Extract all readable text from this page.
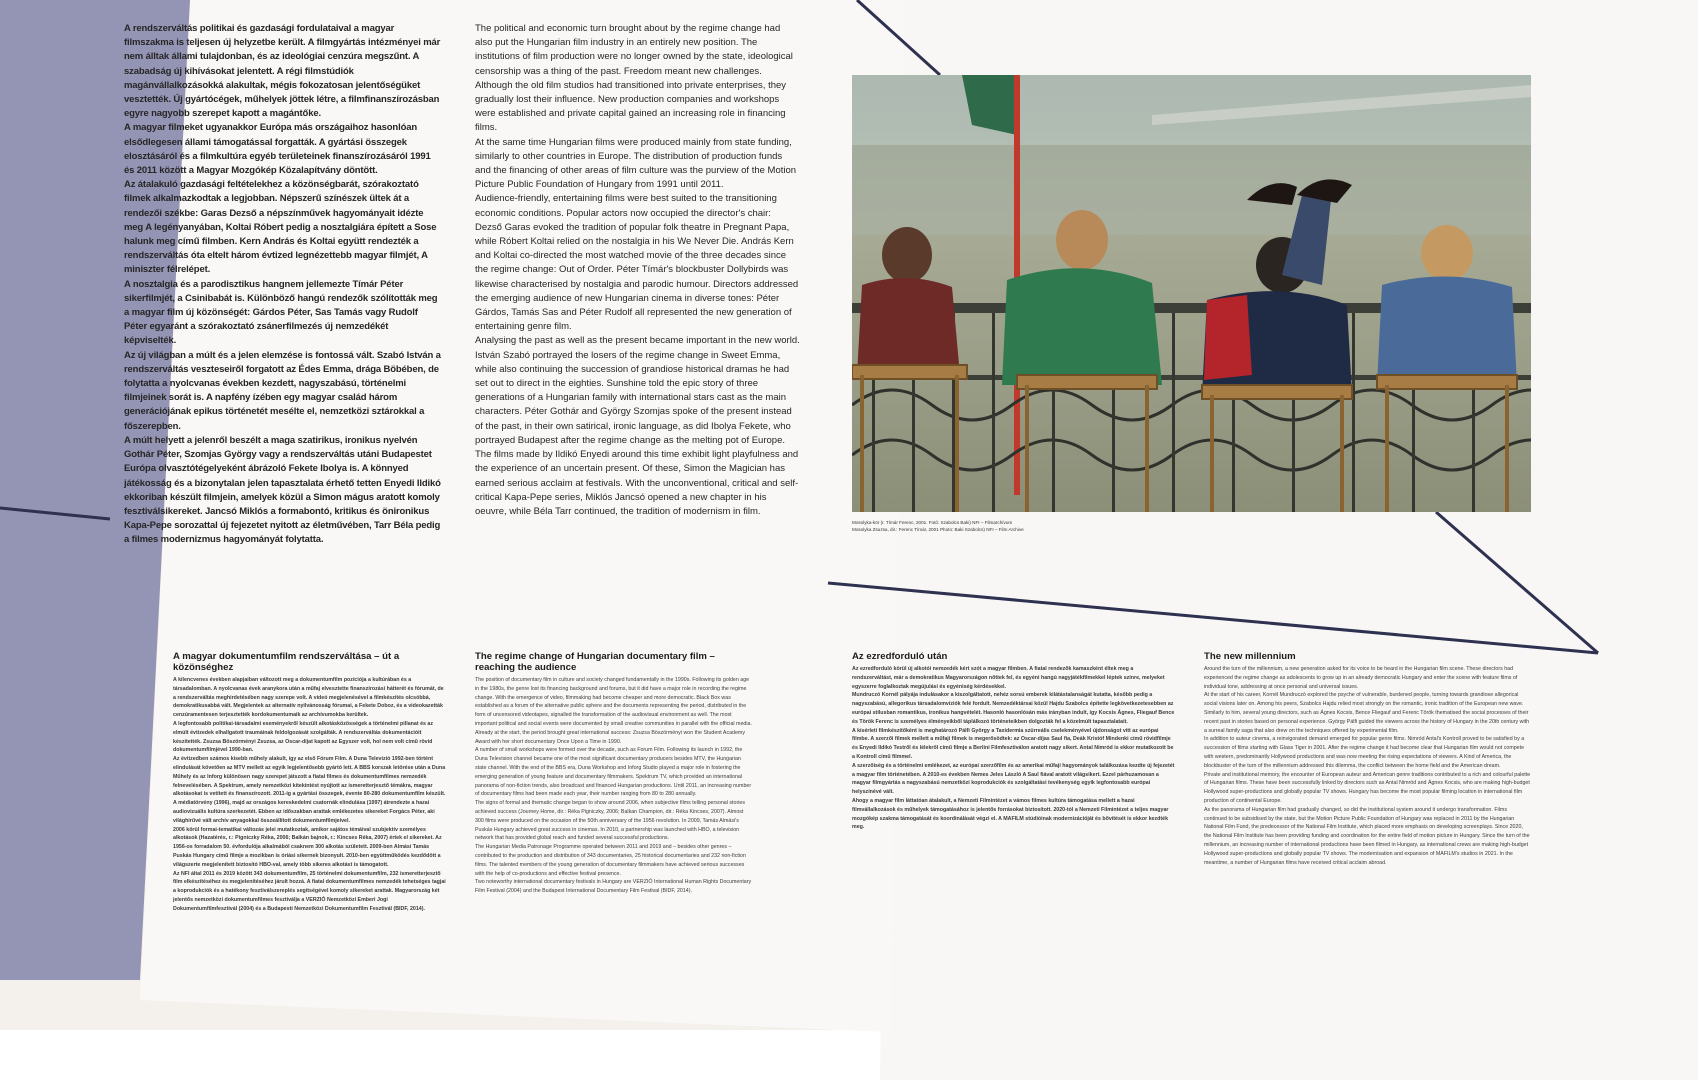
A rendszerváltás politikai és gazdasági fordulataival a magyar filmszakma is teljesen új helyzetbe került. A filmgyártás intézményei már nem álltak állami tulajdonban, és az ideológiai cenzúra megszűnt. A szabadság új kihívásokat jelentett. A régi filmstúdiók magánvállalkozásokká alakultak, mégis fokozatosan jelentőségüket vesztették. Új gyártócégek, műhelyek jöttek létre, a filmfinanszírozásban egyre nagyobb szerepet kapott a magántőke.

A magyar filmeket ugyanakkor Európa más országaihoz hasonlóan elsődlegesen állami támogatással forgatták. A gyártási összegek elosztásáról és a filmkultúra egyéb területeinek finanszírozásáról 1991 és 2011 között a Magyar Mozgókép Közalapítvány döntött.

Az átalakuló gazdasági feltételekhez a közönségbarát, szórakoztató filmek alkalmazkodtak a legjobban. Népszerű színészek ültek át a rendezői székbe: Garas Dezső a népszínművek hagyományait idézte meg A legényanyában, Koltai Róbert pedig a nosztalgiára épített a Sose halunk meg című filmben. Kern András és Koltai együtt rendezték a rendszerváltás óta eltelt három évtized legnézettebb magyar filmjét, A miniszter félrelépet.

A nosztalgia és a parodisztikus hangnem jellemezte Tímár Péter sikerfilmjét, a Csinibabát is. Különböző hangú rendezők szólították meg a magyar film új közönségét: Gárdos Péter, Sas Tamás vagy Rudolf Péter egyaránt a szórakoztató zsánerfilmezés új nemzedékét képviselték.

Az új világban a múlt és a jelen elemzése is fontossá vált. Szabó István a rendszerváltás veszteseiről forgatott az Édes Emma, drága Böbében, de folytatta a nyolcvanas években kezdett, nagyszabású, történelmi filmjeinek sorát is. A napfény ízében egy magyar család három generációjának epikus történetét mesélte el, nemzetközi sztárokkal a főszerepben.

A múlt helyett a jelenről beszélt a maga szatirikus, ironikus nyelvén Gothár Péter, Szomjas György vagy a rendszerváltás utáni Budapestet Európa olvasztótégelyeként ábrázoló Fekete Ibolya is. A könnyed játékosság és a bizonytalan jelen tapasztalata érhető tetten Enyedi Ildikó ekkoriban készült filmjein, amelyek közül a Simon mágus aratott komoly fesztiválsikereket. Jancsó Miklós a formabontó, kritikus és önironikus Kapa-Pepe sorozattal új fejezetet nyitott az életművében, Tarr Béla pedig a filmes modernizmus hagyományát folytatta.

The political and economic turn brought about by the regime change had also put the Hungarian film industry in an entirely new position. The institutions of film production were no longer owned by the state, ideological censorship was a thing of the past. Freedom meant new challenges. Although the old film studios had transitioned into private enterprises, they gradually lost their influence. New production companies and workshops were established and private capital gained an increasing role in financing films.

At the same time Hungarian films were produced mainly from state funding, similarly to other countries in Europe. The distribution of production funds and the financing of other areas of film culture was the purview of the Motion Picture Public Foundation of Hungary from 1991 until 2011.

Audience-friendly, entertaining films were best suited to the transitioning economic conditions. Popular actors now occupied the director's chair: Dezső Garas evoked the tradition of popular folk theatre in Pregnant Papa, while Róbert Koltai relied on the nostalgia in his We Never Die. András Kern and Koltai co-directed the most watched movie of the three decades since the regime change: Out of Order. Péter Tímár's blockbuster Dollybirds was likewise characterised by nostalgia and parodic humour. Directors addressed the emerging audience of new Hungarian cinema in diverse tones: Péter Gárdos, Tamás Sas and Péter Rudolf all represented the new generation of entertaining genre film.

Analysing the past as well as the present became important in the new world. István Szabó portrayed the losers of the regime change in Sweet Emma, while also continuing the succession of grandiose historical dramas he had set out to direct in the eighties. Sunshine told the epic story of three generations of a Hungarian family with international stars cast as the main characters. Péter Gothár and György Szomjas spoke of the present instead of the past, in their own satirical, ironic language, as did Ibolya Fekete, who portrayed Budapest after the regime change as the melting pot of Europe. The films made by Ildikó Enyedi around this time exhibit light playfulness and the experience of an uncertain present. Of these, Simon the Magician has earned serious acclaim at festivals. With the unconventional, critical and self-critical Kapa-Pepe series, Miklós Jancsó opened a new chapter in his oeuvre, while Béla Tarr continued, the tradition of modernism in film.

Mosolyka-kör (r. Tímár Ferenc, 2001. Fotó: Szabolcs Baki) NFI – Filmarchívum

Mosolyka Zsuzsa, dir.: Ferenc Tímár, 2001 Photo: Baki Szabolcs) NFI – Film Archive

A magyar dokumentumfilm rendszerváltása – út a közönséghez

A kilencvenes években alapjaiban változott meg a dokumentumfilm pozíciója a kultúrában és a társadalomban. A nyolcvanas évek aranykora után a műfaj elvesztette finanszírozási hátterét és fórumát, de a rendszerváltás meghirdetésében nagy szerepe volt. A videó megjelenésével a filmkészítés olcsóbbá, demokratikusabbá vált. Megjelentek az alternatív nyilvánosság fórumai, a Fekete Doboz, és a videokazetták cenzúramentesen terjesztették kordokumentumaik az archívumokba kerültek.

A legfontosabb politikai-társadalmi eseményekről készült alkotásközösségek a történelmi pillanat és az elmúlt évtizedek elhallgatott traumáinak feldolgozását szolgálták. A rendszerváltás dokumentációit készítették. Zsuzsa Böszörményi Zsuzsa, az Oscar-díjat kapott az Egyszer volt, hol nem volt című rövid dokumentumfilmjével 1990-ban.

Az évtizedben számos kisebb műhely alakult, így az első Fórum Film. A Duna Televízió 1992-ben történt elindulását követően az MTV mellett az egyik legjelentősebb gyártó lett. A BBS korszak letörése után a Duna Műhely és az Inforg különösen nagy szerepet játszott a fiatal filmes és dokumentumfilmes nemzedék felnevelésében. A Spektrum, amely nemzetközi kitekintést nyújtott az ismeretterjesztő témákra, magyar alkotásokat is vetített és finanszírozott. 2011-ig a gyártási összegek, évente 80-280 dokumentumfilm készült.

A médiatörvény (1996), majd az országos kereskedelmi csatornák elindulása (1997) átrendezte a hazai audiovizuális kultúra szerkezetét. Ebben az időszakban arattak emlékezetes sikereket Forgács Péter, aki világhírűvé vált archív anyagokkal összeállított dokumentumfilmjeivel.

2006 körül formai-tematikai változás jelei mutatkoztak, amikor sajátos témáival szubjektív személyes alkotások (Hazatérés, r.: Pigniczky Réka, 2006; Balkán bajnok, r.: Kincses Réka, 2007) értek el sikereket. Az 1956-os forradalom 50. évfordulója alkalmából csaknem 300 alkotás született. 2009-ben Almási Tamás Puskás Hungary című filmje a mozikban is óriási sikernek bizonyult. 2010-ben együttműködés kezdődött a világszerte megjelenített biztosító HBO-val, amely több sikeres alkotást is támogatott.

Az NFI által 2011 és 2019 között 343 dokumentumfilm, 25 történelmi dokumentumfilm, 232 ismeretterjesztő film elkészítéséhez és megjelenítéséhez járult hozzá. A fiatal dokumentumfilmes nemzedék tehetséges tagjai a koprodukciók és a hatékony fesztiválszereplés segítségével komoly sikereket arattak. Magyarország két jelentős nemzetközi dokumentumfilmes fesztiválja a VERZIÓ Nemzetközi Emberi Jogi Dokumentumfilmfesztivál (2004) és a Budapesti Nemzetközi Dokumentumfilm Fesztivál (BIDF, 2014).

The regime change of Hungarian documentary film – reaching the audience

The position of documentary film in culture and society changed fundamentally in the 1990s. Following its golden age in the 1980s, the genre lost its financing background and forums, but it did have a major role in recording the regime change. With the emergence of video, filmmaking had become cheaper and more democratic. Black Box was established as a forum of the alternative public sphere and the documents representing the period, distributed in the form of uncensored videotapes, signalled the transformation of the audiovisual environment as well. The most important political and social events were documented by small creative communities in parallel with the official media. Already at the start, the period brought great international success: Zsuzsa Böszörményi won the Student Academy Award with her short documentary Once Upon a Time in 1990.

A number of small workshops were formed over the decade, such as Forum Film. Following its launch in 1992, the Duna Television channel became one of the most significant documentary producers besides MTV, the Hungarian state channel. With the end of the BBS era, Duna Workshop and Inforg Studio played a major role in fostering the emerging generation of young feature and documentary filmmakers. Spektrum TV, which provided an international panorama of non-fiction trends, also broadcast and financed Hungarian productions. Until 2011, an increasing number of documentary films had been made each year, their number ranging from 80 to 280 annually.

The signs of formal and thematic change began to show around 2006, when subjective films telling personal stories achieved success (Journey Home, dir.: Réka Pigniczky, 2006; Balkan Champion, dir.: Réka Kincses, 2007). Almost 300 films were produced on the occasion of the 50th anniversary of the 1956 revolution. In 2009, Tamás Almási's Puskás Hungary achieved great success in cinemas. In 2010, a partnership was launched with HBO, a television network that has provided global reach and funded several successful productions.

The Hungarian Media Patronage Programme operated between 2011 and 2019 and – besides other genres – contributed to the production and distribution of 343 documentaries, 25 historical documentaries and 232 non-fiction films. The talented members of the young generation of documentary filmmakers have achieved serious successes with the help of co-productions and effective festival presence.

Two noteworthy international documentary festivals in Hungary are VERZIÓ International Human Rights Documentary Film Festival (2004) and the Budapest International Documentary Film Festival (BIDF, 2014).

Az ezredforduló után

Az ezredforduló körül új alkotói nemzedék kért szót a magyar filmben. A fiatal rendezők kamaszként éltek meg a rendszerváltást, már a demokratikus Magyarországon nőttek fel, és egyéni hangú nagyjátékfilmekkel léptek színre, melyeket egyszerre foglalkoztak megújulási és egyéniség kérdésekkel.

Mundruczó Kornél pályája indulásakor a kiszolgáltatott, nehéz sorsú emberek kilátástalanságát kutatta, később pedig a nagyszabású, allegorikus társadalomvíziók felé fordult. Nemzedéktársai közül Hajdu Szabolcs építette legkövetkezetesebben az európai stílusban romantikus, ironikus hangvételét. Hasonló hasonlósán más irányban indult, így Kocsis Ágnes, Fliegauf Bence és Török Ferenc is személyes élményeikből táplálkozó történeteikben dolgozták fel a közelmúlt tapasztalatait.

A kísérleti filmkészítőként is meghatározó Pálfi György a Taxidermia szürreális cselekményével újdonságot vitt az európai filmbe. A szerzői filmek mellett a műfaji filmek is megerősödtek: az Oscar-díjas Saul fia, Deák Kristóf Mindenki című rövidfilmje és Enyedi Ildikó Testről és lélekről című filmje a Berlini Filmfesztiválon aratott nagy sikert. Antal Nimród is ekkor mutatkozott be a Kontroll című filmmel.

A szerzőiség és a történelmi emlékezet, az európai szerzőfilm és az amerikai műfaji hagyományok találkozása kezdte új fejezetét a magyar film történetében. A 2010-es években Nemes Jeles László A Saul fiával aratott világsikert. Ezzel párhuzamosan a magyar filmgyártás a nagyszabású nemzetközi koprodukciók és szolgáltatási tevékenység egyik legfontosabb európai helyszínévé vált.

Ahogy a magyar film láttatóan átalakult, a Nemzeti Filmintézet a vámos filmes kultúra támogatása mellett a hazai filmvállalkozások és műhelyek támogatásához is jelentős forrásokat biztosított. 2020-tól a Nemzeti Filmintézet a teljes magyar mozgókép szakma támogatását és koordinálását végzi el. A MAFILM stúdióinak modernizációját és bővítését is ekkor kezdték meg.

The new millennium

Around the turn of the millennium, a new generation asked for its voice to be heard in the Hungarian film scene. These directors had experienced the regime change as adolescents to grow up in an already democratic Hungary and enter the scene with feature films of individual tone, addressing at once personal and universal issues.

At the start of his career, Kornél Mundruczó explored the psyche of vulnerable, burdened people, turning towards grandiose allegorical social visions later on. Among his peers, Szabolcs Hajdu relied most strongly on the romantic, ironic tradition of the European new wave. Similarly to him, several young directors, such as Ágnes Kocsis, Bence Fliegauf and Ferenc Török thematised the social processes of their recent past in stories based on personal experience. György Pálfi guided the viewers across the history of Hungary in the 20th century with a surreal family saga that also drew on the techniques offered by experimental film.

In addition to auteur cinema, a reinvigorated demand emerged for popular genre films. Nimród Antal's Kontroll proved to be satisfied by a succession of films starting with Glass Tiger in 2001. After the regime change it had become clear that Hungarian film would not compete with western, predominantly Hollywood productions and was now meeting the rising expectations of viewers. A Kind of America, the blockbuster of the turn of the millennium addressed this dilemma, the conflict between the home field and the American dream.

Private and institutional memory, the encounter of European auteur and American genre traditions contributed to a rich and colourful palette of Hungarian films. These have been successfully linked by directors such as Antal Nimród and Ágnes Kocsis, who are making high-budget Hollywood super-productions and globally popular TV shows. Hungary has become the most popular filming location in international film production of continental Europe.

As the panorama of Hungarian film had gradually changed, so did the institutional system around it undergo transformation. Films continued to be subsidised by the state, but the Motion Picture Public Foundation of Hungary was replaced in 2011 by the Hungarian National Film Fund, the predecessor of the National Film Institute, which placed more emphasis on developing screenplays. Since 2020, the National Film Institute has been providing funding and coordination for the entire field of motion picture in Hungary. Since the turn of the millennium, an increasing number of international productions have been filmed in Hungary, as international crews are making high-budget Hollywood super-productions and globally popular TV shows. The modernisation and expansion of MAFILM's studios in 2021. In the meantime, a number of Hungarian films have received critical acclaim abroad.
